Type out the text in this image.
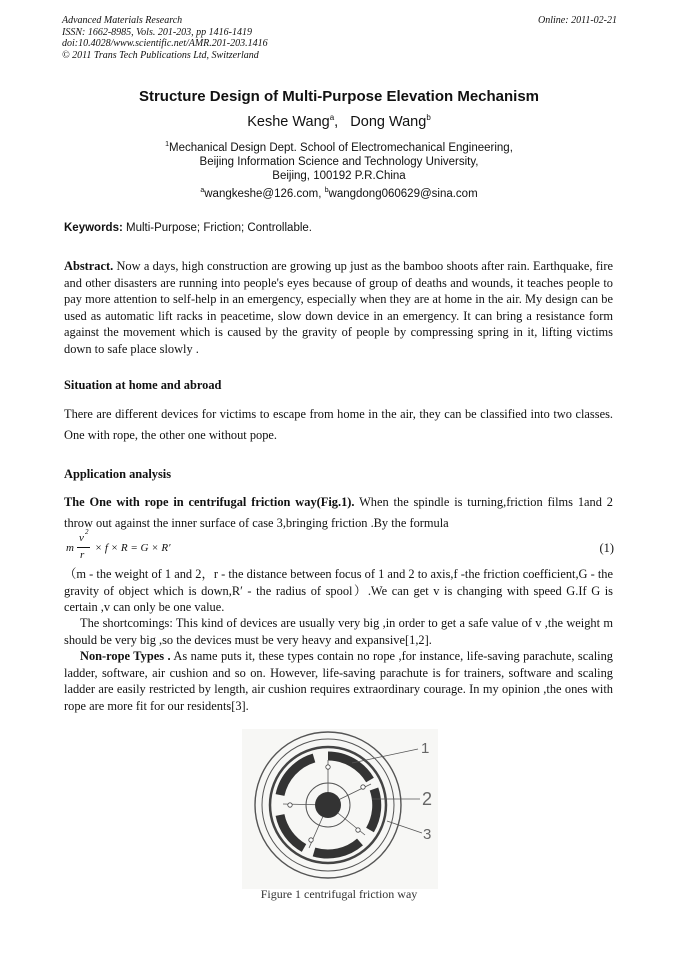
Advanced Materials Research
ISSN: 1662-8985, Vols. 201-203, pp 1416-1419
doi:10.4028/www.scientific.net/AMR.201-203.1416
© 2011 Trans Tech Publications Ltd, Switzerland
Online: 2011-02-21
Structure Design of Multi-Purpose Elevation Mechanism
Keshe Wang$^a$,   Dong Wang$^b$
$^1$Mechanical Design Dept. School of Electromechanical Engineering,
Beijing Information Science and Technology University,
Beijing, 100192 P.R.China
$^a$wangkeshe@126.com, $^b$wangdong060629@sina.com
Keywords: Multi-Purpose; Friction; Controllable.
Abstract. Now a days, high construction are growing up just as the bamboo shoots after rain. Earthquake, fire and other disasters are running into people's eyes because of group of deaths and wounds, it teaches people to pay more attention to self-help in an emergency, especially when they are at home in the air. My design can be used as automatic lift racks in peacetime, slow down device in an emergency. It can bring a resistance form against the movement which is caused by the gravity of people by compressing spring in it, lifting victims down to safe place slowly .
Situation at home and abroad
There are different devices for victims to escape from home in the air, they can be classified into two classes. One with rope, the other one without pope.
Application analysis
The One with rope in centrifugal friction way(Fig.1). When the spindle is turning,friction films 1and 2 throw out against the inner surface of case 3,bringing friction .By the formula
m
v 2
r
× f × R = G × R′	(1)
（m - the weight of 1 and 2，r - the distance between focus of 1 and 2 to axis,f -the friction coefficient,G - the gravity of object which is down,R′ - the radius of spool）.We can get v is changing with speed G.If G is certain ,v can only be one value.
The shortcomings: This kind of devices are usually very big ,in order to get a safe value of v ,the weight m should be very big ,so the devices must be very heavy and expansive[1,2].
Non-rope Types . As name puts it, these types contain no rope ,for instance, life-saving parachute, scaling ladder, software, air cushion and so on. However, life-saving parachute is for trainers, software and scaling ladder are easily restricted by length, air cushion requires extraordinary courage. In my opinion ,the ones with rope are more fit for our residents[3].
1
2
3
Figure 1 centrifugal friction way
